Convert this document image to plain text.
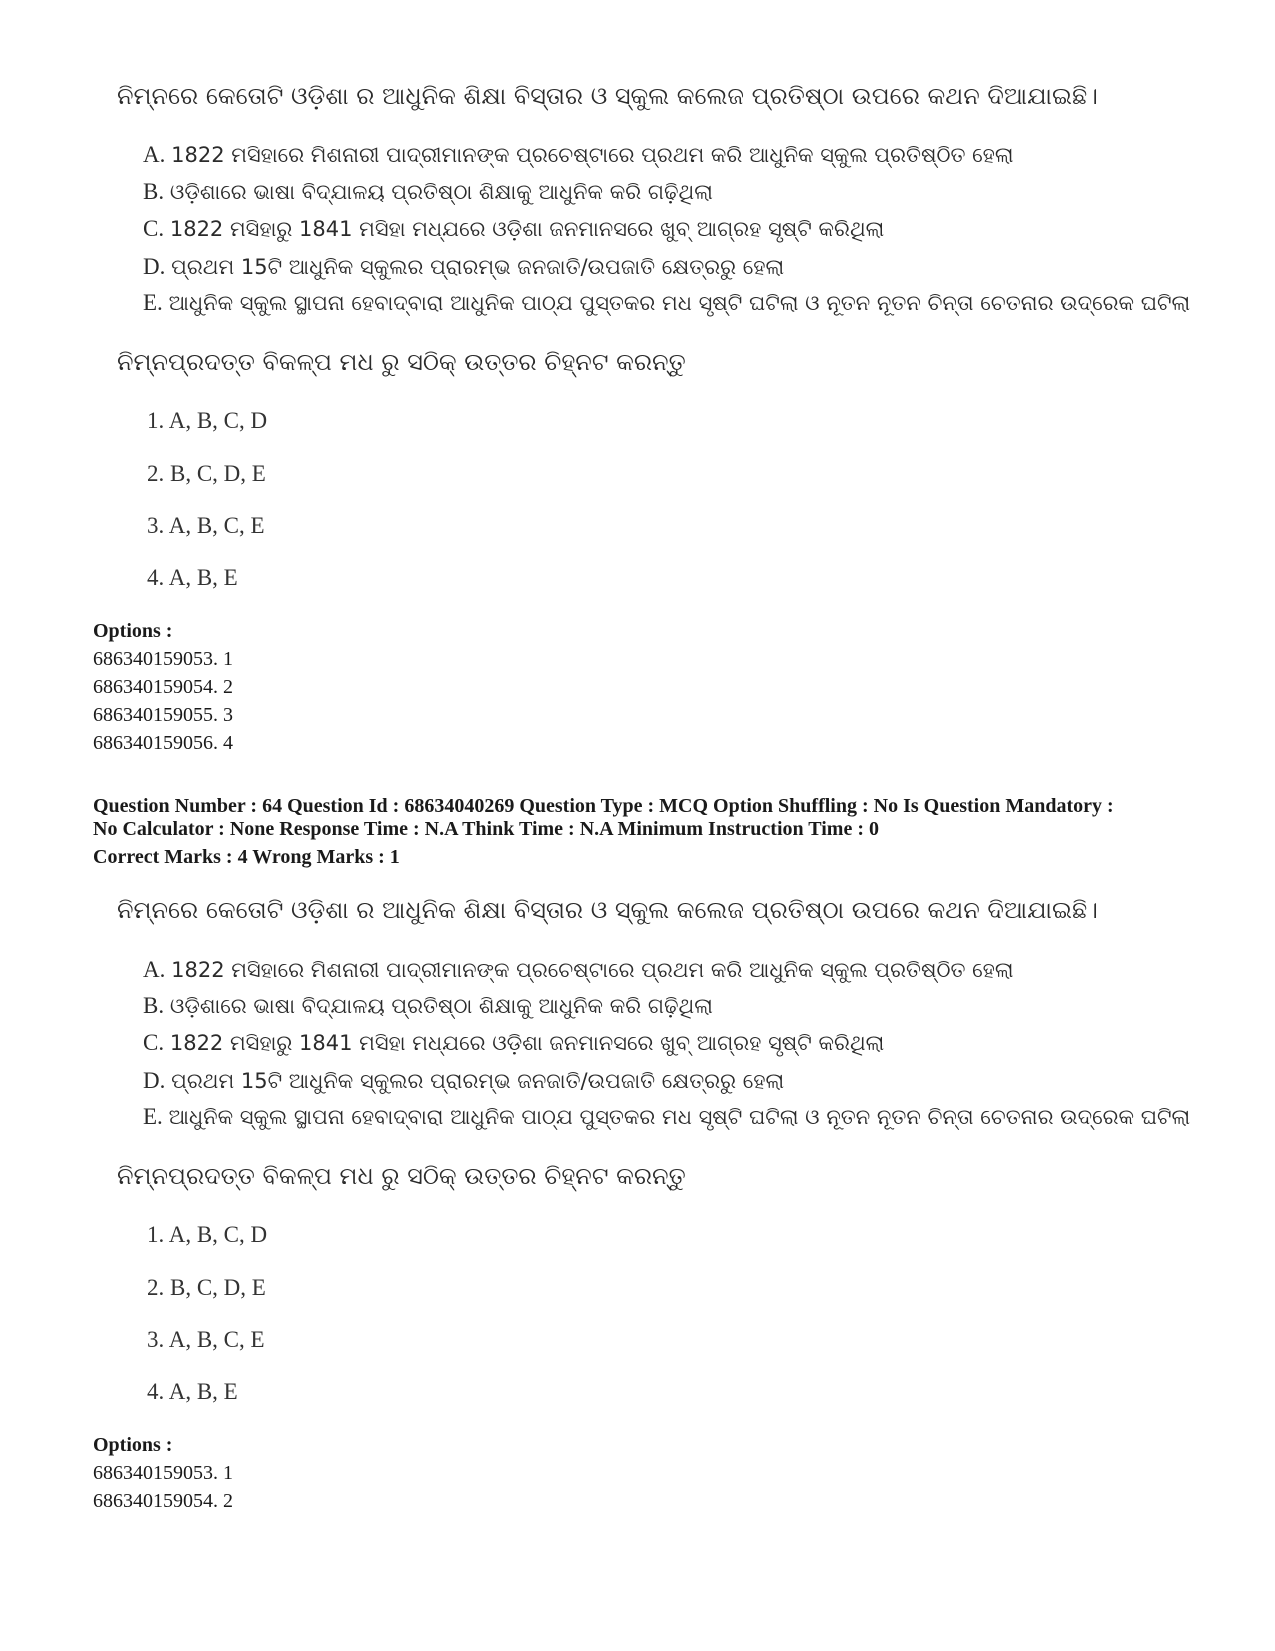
ନିମ୍ନରେ କେତୋଟି ଓଡ଼ିଶା ର ଆଧୁନିକ ଶିକ୍ଷା ବିସ୍ତାର ଓ ସ୍କୁଲ କଲେଜ ପ୍ରତିଷ୍ଠା ଉପରେ କଥନ ଦିଆଯାଇଛି।
A. 1822 ମସିହାରେ ମିଶନାରୀ ପାଦ୍ରୀମାନଙ୍କ ପ୍ରଚେଷ୍ଟାରେ ପ୍ରଥମ କରି ଆଧୁନିକ ସ୍କୁଲ ପ୍ରତିଷ୍ଠିତ ହେଲା
B. ଓଡ଼ିଶାରେ ଭାଷା ବିଦ୍ଯାଳୟ ପ୍ରତିଷ୍ଠା ଶିକ୍ଷାକୁ ଆଧୁନିକ କରି ଗଢ଼ିଥିଲା
C. 1822 ମସିହାରୁ 1841 ମସିହା ମଧ୍ଯରେ ଓଡ଼ିଶା ଜନମାନସରେ ଖୁବ୍ ଆଗ୍ରହ ସୃଷ୍ଟି କରିଥିଲା
D. ପ୍ରଥମ 15ଟି ଆଧୁନିକ ସ୍କୁଲର ପ୍ରାରମ୍ଭ ଜନଜାତି/ଉପଜାତି କ୍ଷେତ୍ରରୁ ହେଲା
E. ଆଧୁନିକ ସ୍କୁଲ ସ୍ଥାପନା ହେବାଦ୍ବାରା ଆଧୁନିକ ପାଠ୍ଯ ପୁସ୍ତକର ମଧ ସୃଷ୍ଟି ଘଟିଲା ଓ ନୂତନ ନୂତନ ଚିନ୍ତା ଚେତନାର ଉଦ୍ରେକ ଘଟିଲା
ନିମ୍ନପ୍ରଦତ୍ତ ବିକଳ୍ପ ମଧ ରୁ ସଠିକ୍ ଉତ୍ତର ଚିହ୍ନଟ କରନ୍ତୁ
1. A, B, C, D
2. B, C, D, E
3. A, B, C, E
4. A, B, E
Options :
686340159053. 1
686340159054. 2
686340159055. 3
686340159056. 4
Question Number : 64 Question Id : 68634040269 Question Type : MCQ Option Shuffling : No Is Question Mandatory :
No Calculator : None Response Time : N.A Think Time : N.A Minimum Instruction Time : 0
Correct Marks : 4 Wrong Marks : 1
ନିମ୍ନରେ କେତୋଟି ଓଡ଼ିଶା ର ଆଧୁନିକ ଶିକ୍ଷା ବିସ୍ତାର ଓ ସ୍କୁଲ କଲେଜ ପ୍ରତିଷ୍ଠା ଉପରେ କଥନ ଦିଆଯାଇଛି।
A. 1822 ମସିହାରେ ମିଶନାରୀ ପାଦ୍ରୀମାନଙ୍କ ପ୍ରଚେଷ୍ଟାରେ ପ୍ରଥମ କରି ଆଧୁନିକ ସ୍କୁଲ ପ୍ରତିଷ୍ଠିତ ହେଲା
B. ଓଡ଼ିଶାରେ ଭାଷା ବିଦ୍ଯାଳୟ ପ୍ରତିଷ୍ଠା ଶିକ୍ଷାକୁ ଆଧୁନିକ କରି ଗଢ଼ିଥିଲା
C. 1822 ମସିହାରୁ 1841 ମସିହା ମଧ୍ଯରେ ଓଡ଼ିଶା ଜନମାନସରେ ଖୁବ୍ ଆଗ୍ରହ ସୃଷ୍ଟି କରିଥିଲା
D. ପ୍ରଥମ 15ଟି ଆଧୁନିକ ସ୍କୁଲର ପ୍ରାରମ୍ଭ ଜନଜାତି/ଉପଜାତି କ୍ଷେତ୍ରରୁ ହେଲା
E. ଆଧୁନିକ ସ୍କୁଲ ସ୍ଥାପନା ହେବାଦ୍ବାରା ଆଧୁନିକ ପାଠ୍ଯ ପୁସ୍ତକର ମଧ ସୃଷ୍ଟି ଘଟିଲା ଓ ନୂତନ ନୂତନ ଚିନ୍ତା ଚେତନାର ଉଦ୍ରେକ ଘଟିଲା
ନିମ୍ନପ୍ରଦତ୍ତ ବିକଳ୍ପ ମଧ ରୁ ସଠିକ୍ ଉତ୍ତର ଚିହ୍ନଟ କରନ୍ତୁ
1. A, B, C, D
2. B, C, D, E
3. A, B, C, E
4. A, B, E
Options :
686340159053. 1
686340159054. 2
